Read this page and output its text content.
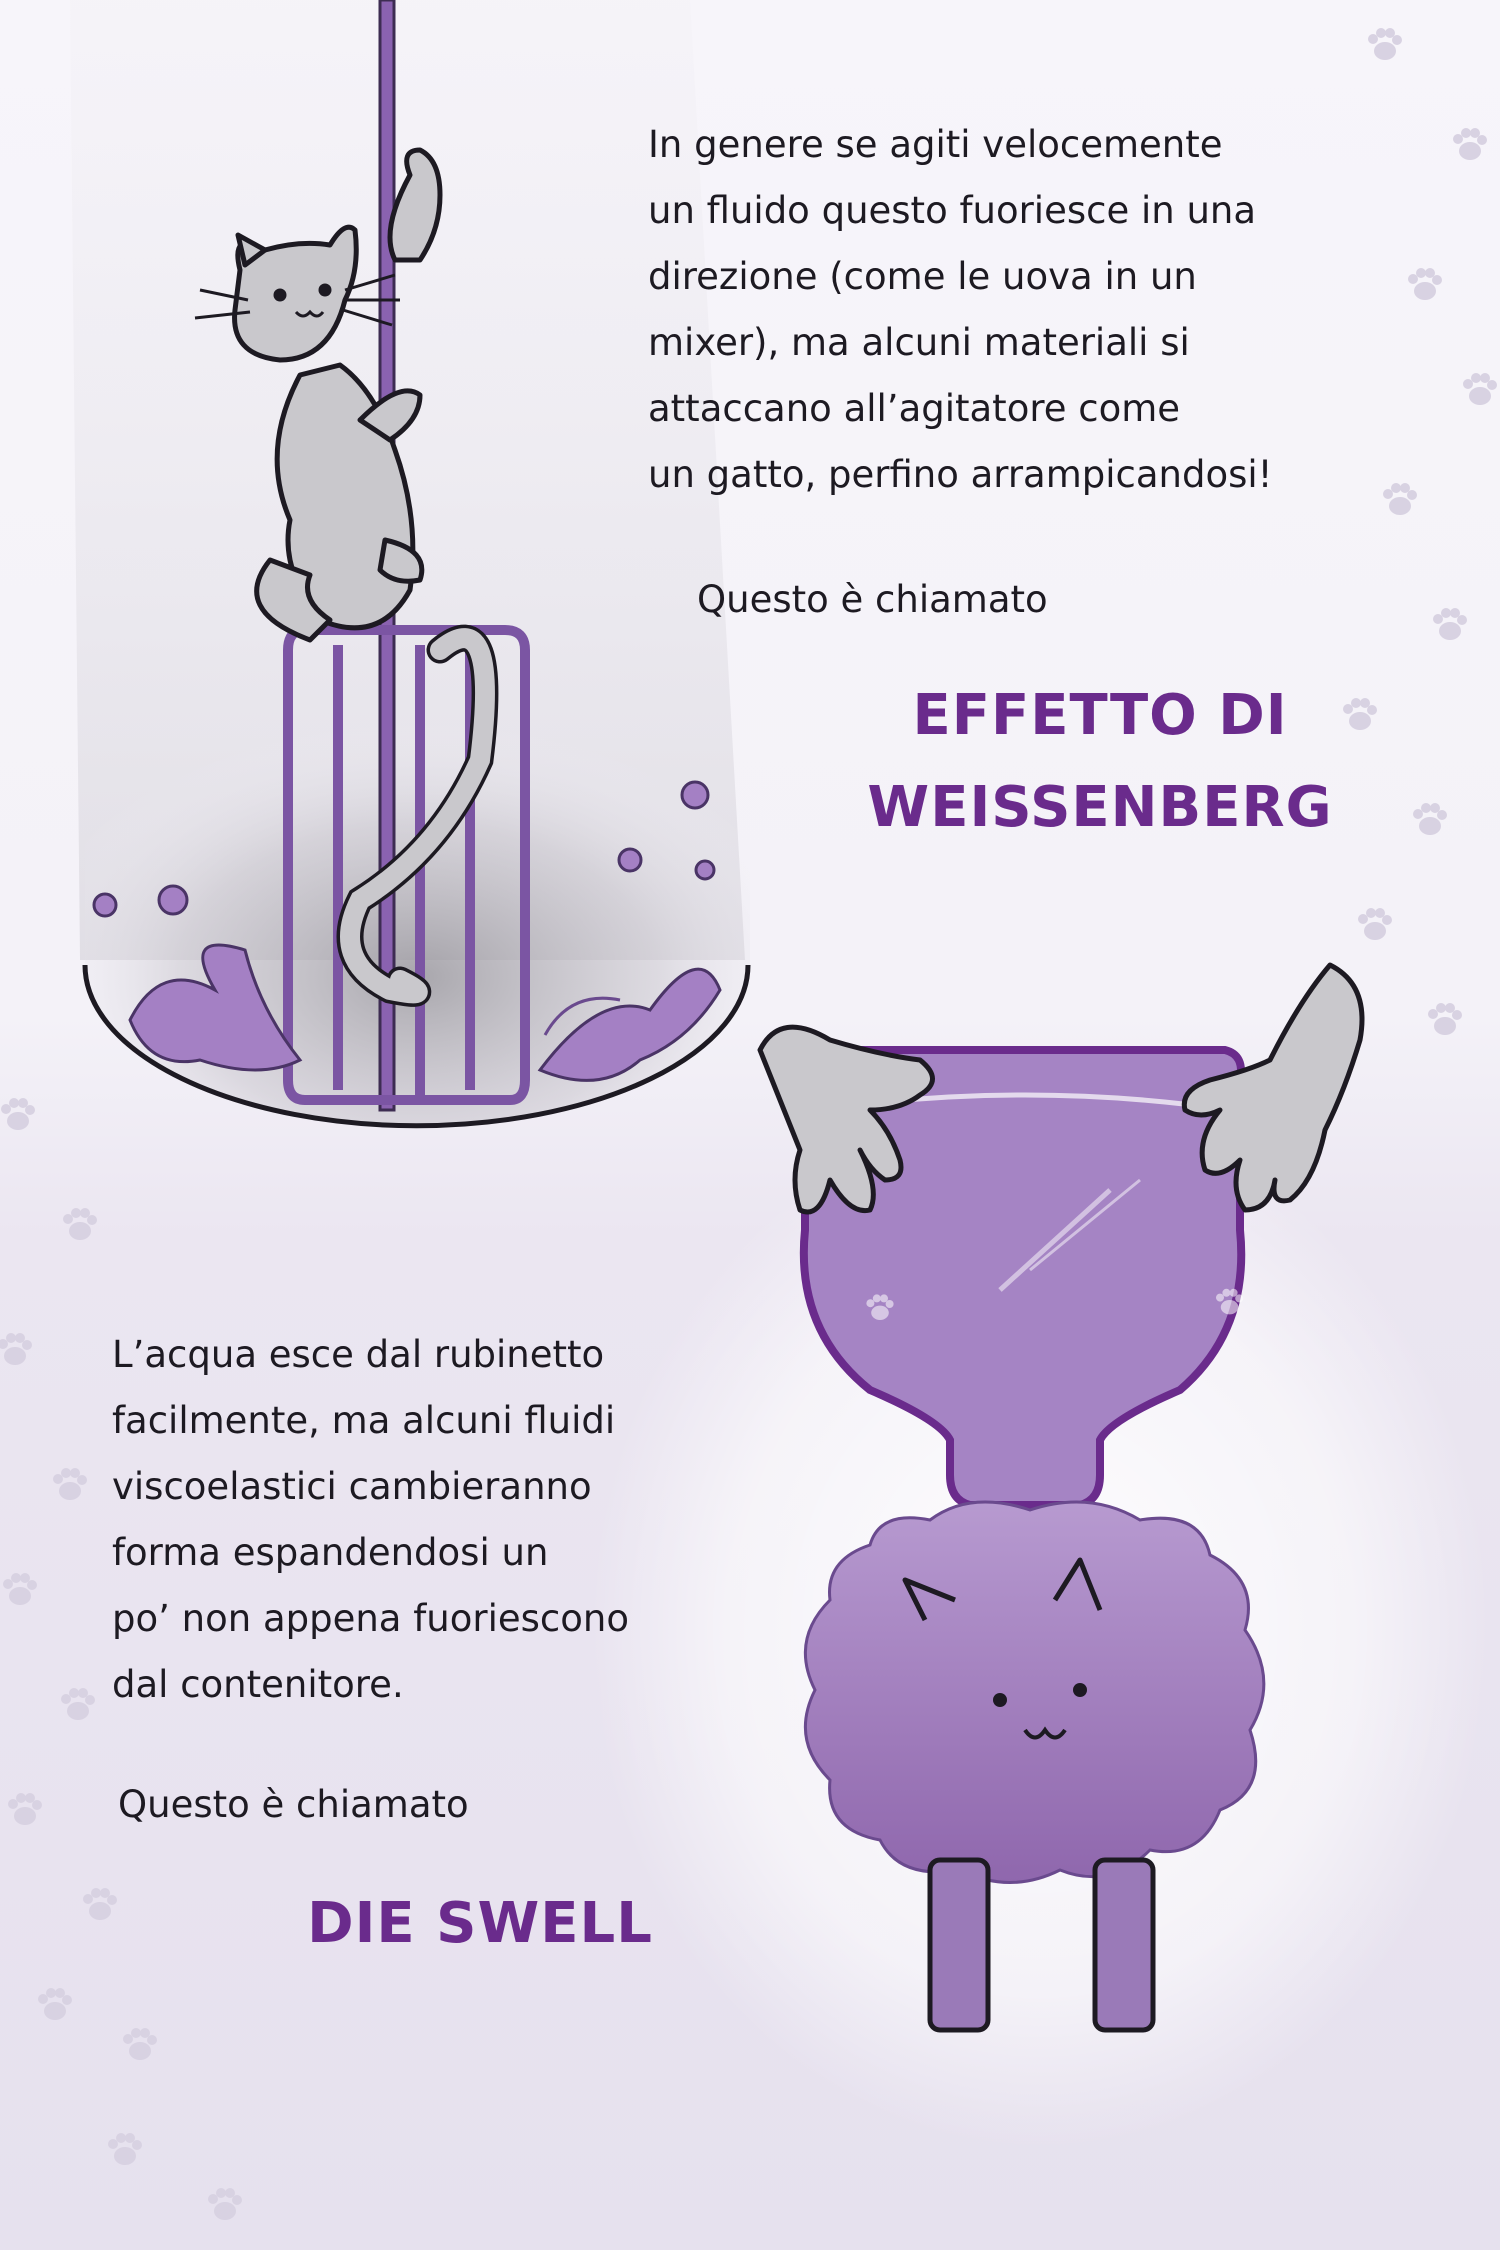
In genere se agiti velocemente
un fluido questo fuoriesce in una
direzione (come le uova in un
mixer), ma alcuni materiali si
attaccano all’agitatore come
un gatto, perfino arrampicandosi!
Questo è chiamato
EFFETTO DI
WEISSENBERG
L’acqua esce dal rubinetto
facilmente, ma alcuni fluidi
viscoelastici cambieranno
forma espandendosi un
po’ non appena fuoriescono
dal contenitore.
Questo è chiamato
DIE SWELL
